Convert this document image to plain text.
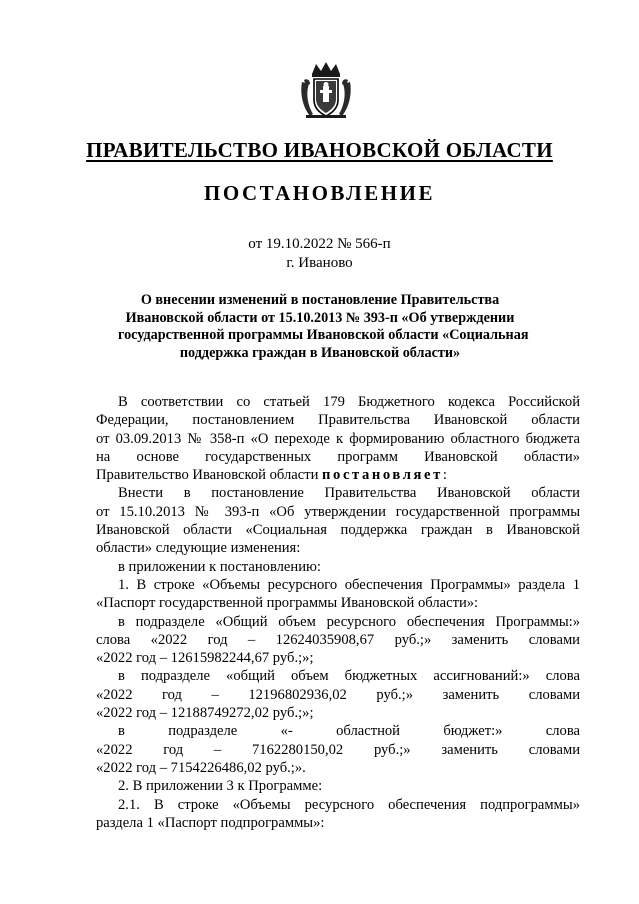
ПРАВИТЕЛЬСТВО ИВАНОВСКОЙ ОБЛАСТИ
ПОСТАНОВЛЕНИЕ
от 19.10.2022 № 566-п
г. Иваново
О внесении изменений в постановление Правительства
Ивановской области от 15.10.2013 № 393-п «Об утверждении
государственной программы Ивановской области «Социальная
поддержка граждан в Ивановской области»
В соответствии со статьей 179 Бюджетного кодекса Российской
Федерации, постановлением Правительства Ивановской области
от 03.09.2013 № 358-п «О переходе к формированию областного бюджета
на основе государственных программ Ивановской области»
Правительство Ивановской области постановляет:
Внести в постановление Правительства Ивановской области
от 15.10.2013 № 393-п «Об утверждении государственной программы
Ивановской области «Социальная поддержка граждан в Ивановской
области» следующие изменения:
в приложении к постановлению:
1. В строке «Объемы ресурсного обеспечения Программы» раздела 1
«Паспорт государственной программы Ивановской области»:
в подразделе «Общий объем ресурсного обеспечения Программы:»
слова «2022 год – 12624035908,67 руб.;» заменить словами
«2022 год – 12615982244,67 руб.;»;
в подразделе «общий объем бюджетных ассигнований:» слова
«2022 год – 12196802936,02 руб.;» заменить словами
«2022 год – 12188749272,02 руб.;»;
в подразделе «- областной бюджет:» слова
«2022 год – 7162280150,02 руб.;» заменить словами
«2022 год – 7154226486,02 руб.;».
2. В приложении 3 к Программе:
2.1. В строке «Объемы ресурсного обеспечения подпрограммы»
раздела 1 «Паспорт подпрограммы»:
